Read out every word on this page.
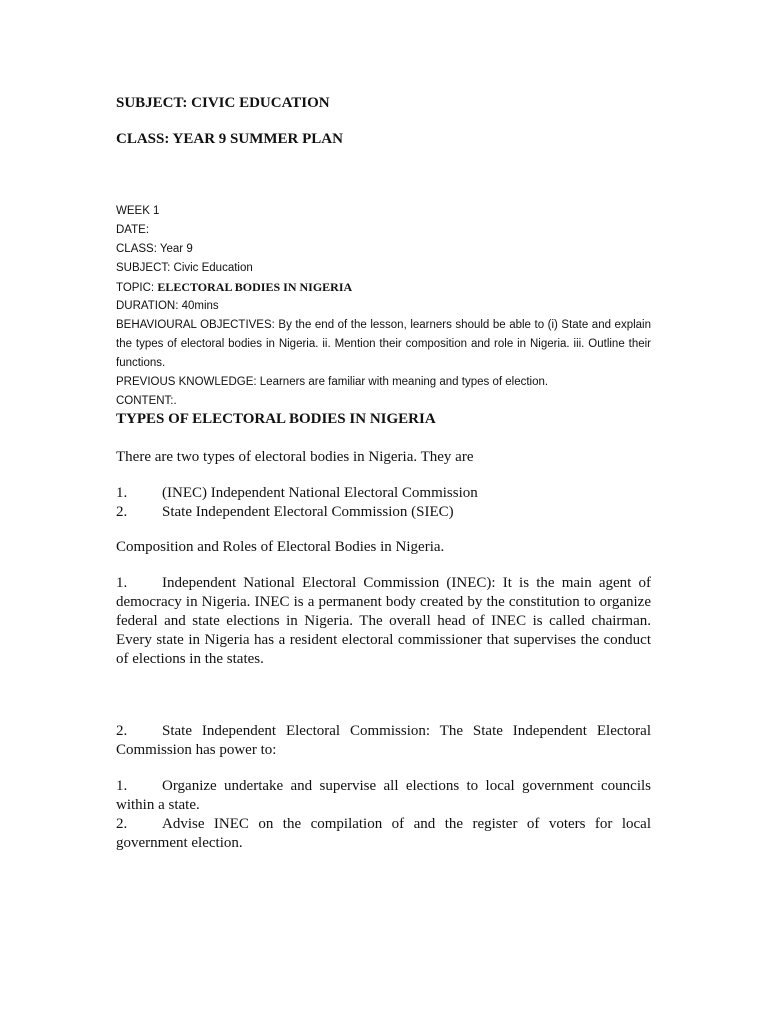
SUBJECT: CIVIC EDUCATION
CLASS: YEAR 9 SUMMER PLAN
WEEK 1
DATE:
CLASS: Year 9
SUBJECT: Civic Education
TOPIC: ELECTORAL BODIES IN NIGERIA
DURATION: 40mins
BEHAVIOURAL OBJECTIVES: By the end of the lesson, learners should be able to (i) State and explain the types of electoral bodies in Nigeria. ii. Mention their composition and role in Nigeria. iii. Outline their functions.
PREVIOUS KNOWLEDGE: Learners are familiar with meaning and types of election.
CONTENT:.
TYPES OF ELECTORAL BODIES IN NIGERIA
There are two types of electoral bodies in Nigeria. They are
1.	(INEC) Independent National Electoral Commission
2.	State Independent Electoral Commission (SIEC)
Composition and Roles of Electoral Bodies in Nigeria.
1. Independent National Electoral Commission (INEC): It is the main agent of democracy in Nigeria. INEC is a permanent body created by the constitution to organize federal and state elections in Nigeria. The overall head of INEC is called chairman. Every state in Nigeria has a resident electoral commissioner that supervises the conduct of elections in the states.
2. State Independent Electoral Commission: The State Independent Electoral Commission has power to:
1. Organize undertake and supervise all elections to local government councils within a state.
2. Advise INEC on the compilation of and the register of voters for local government election.
